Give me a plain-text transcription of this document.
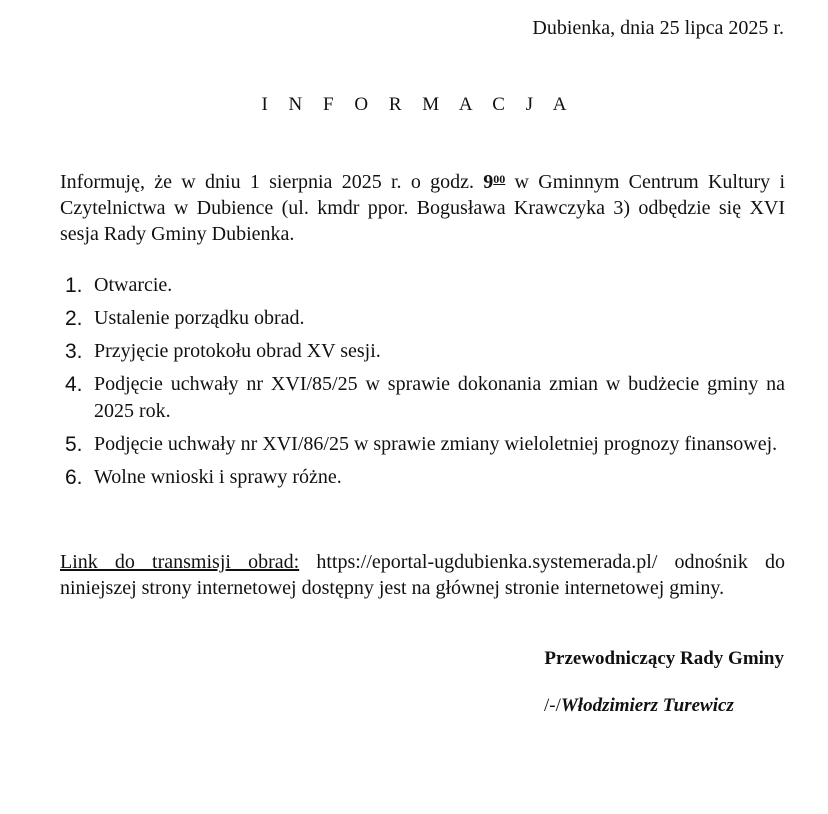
Dubienka, dnia 25 lipca 2025 r.
I N F O R M A C J A
Informuję, że w dniu 1 sierpnia 2025 r. o godz. $9^{00}$ w Gminnym Centrum Kultury i Czytelnictwa w Dubience (ul. kmdr ppor. Bogusława Krawczyka 3) odbędzie się XVI sesja Rady Gminy Dubienka.
1. Otwarcie.
2. Ustalenie porządku obrad.
3. Przyjęcie protokołu obrad XV sesji.
4. Podjęcie uchwały nr XVI/85/25 w sprawie dokonania zmian w budżecie gminy na 2025 rok.
5. Podjęcie uchwały nr XVI/86/25 w sprawie zmiany wieloletniej prognozy finansowej.
6. Wolne wnioski i sprawy różne.
Link do transmisji obrad: https://eportal-ugdubienka.systemerada.pl/ odnośnik do niniejszej strony internetowej dostępny jest na głównej stronie internetowej gminy.
Przewodniczący Rady Gminy
/-/Włodzimierz Turewicz
